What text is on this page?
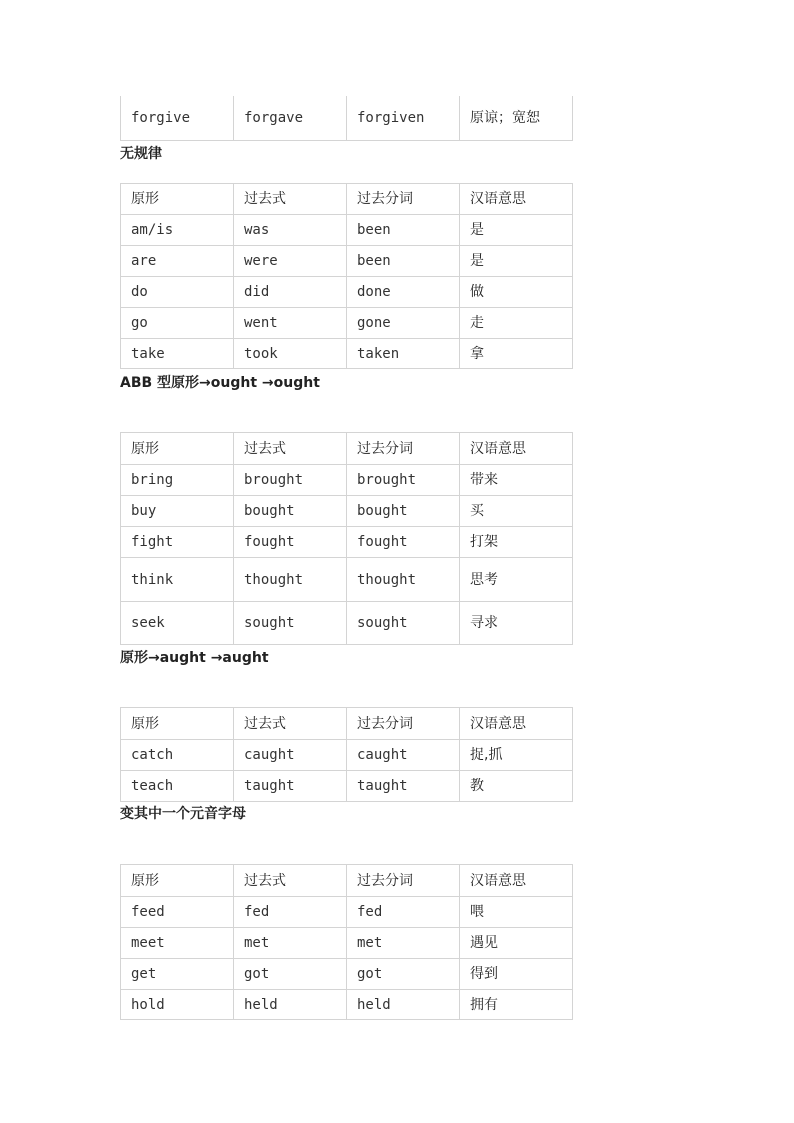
forgive	forgave	forgiven	原谅；宽恕
无规律
原形	过去式	过去分词	汉语意思
am/is	was	been	是
are	were	been	是
do	did	done	做
go	went	gone	走
take	took	taken	拿
ABB 型原形→ought →ought
原形	过去式	过去分词	汉语意思
bring	brought	brought	带来
buy	bought	bought	买
fight	fought	fought	打架
think	thought	thought	思考
seek	sought	sought	寻求
原形→aught →aught
原形	过去式	过去分词	汉语意思
catch	caught	caught	捉,抓
teach	taught	taught	教
变其中一个元音字母
原形	过去式	过去分词	汉语意思
feed	fed	fed	喂
meet	met	met	遇见
get	got	got	得到
hold	held	held	拥有
